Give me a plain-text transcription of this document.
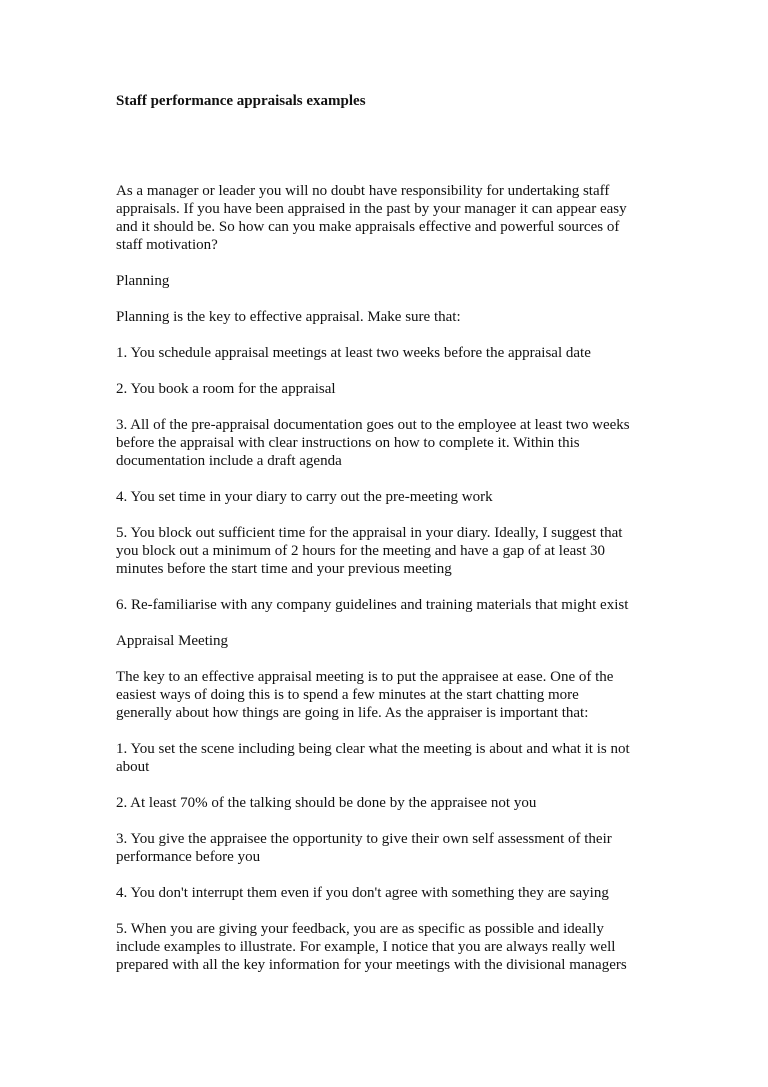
Staff performance appraisals examples
As a manager or leader you will no doubt have responsibility for undertaking staff
appraisals. If you have been appraised in the past by your manager it can appear easy
and it should be. So how can you make appraisals effective and powerful sources of
staff motivation?
Planning
Planning is the key to effective appraisal. Make sure that:
1. You schedule appraisal meetings at least two weeks before the appraisal date
2. You book a room for the appraisal
3. All of the pre-appraisal documentation goes out to the employee at least two weeks
before the appraisal with clear instructions on how to complete it. Within this
documentation include a draft agenda
4. You set time in your diary to carry out the pre-meeting work
5. You block out sufficient time for the appraisal in your diary. Ideally, I suggest that
you block out a minimum of 2 hours for the meeting and have a gap of at least 30
minutes before the start time and your previous meeting
6. Re-familiarise with any company guidelines and training materials that might exist
Appraisal Meeting
The key to an effective appraisal meeting is to put the appraisee at ease. One of the
easiest ways of doing this is to spend a few minutes at the start chatting more
generally about how things are going in life. As the appraiser is important that:
1. You set the scene including being clear what the meeting is about and what it is not
about
2. At least 70% of the talking should be done by the appraisee not you
3. You give the appraisee the opportunity to give their own self assessment of their
performance before you
4. You don't interrupt them even if you don't agree with something they are saying
5. When you are giving your feedback, you are as specific as possible and ideally
include examples to illustrate. For example, I notice that you are always really well
prepared with all the key information for your meetings with the divisional managers
